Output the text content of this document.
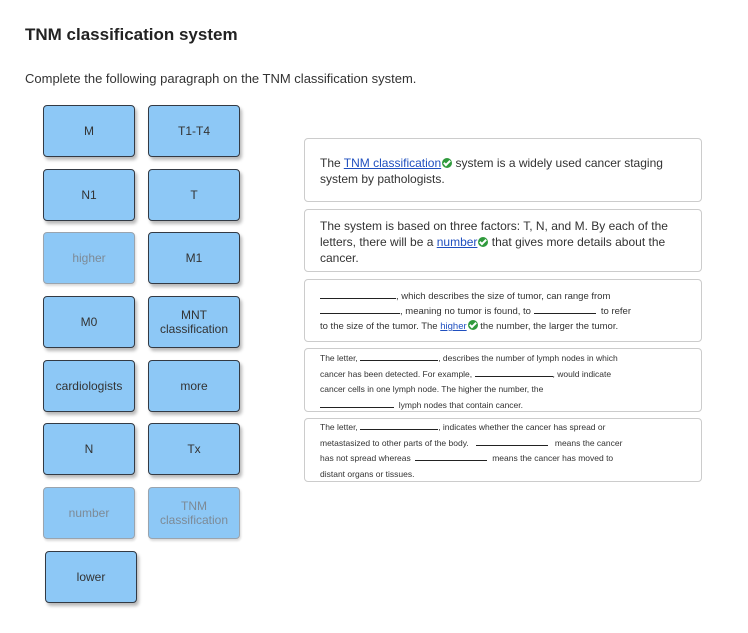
TNM classification system
Complete the following paragraph on the TNM classification system.
M	T1-T4
N1	T
higher	M1
M0	MNT classification
cardiologists	more
N	Tx
number	TNM classification
lower
The TNM classification system is a widely used cancer staging system by pathologists.
The system is based on three factors: T, N, and M. By each of the letters, there will be a number that gives more details about the cancer.
, which describes the size of tumor, can range from
, meaning no tumor is found, to	to refer
to the size of the tumor. The higher the number, the larger the tumor.
The letter,	, describes the number of lymph nodes in which
cancer has been detected. For example,	, would indicate
cancer cells in one lymph node. The higher the number, the
lymph nodes that contain cancer.
The letter,	, indicates whether the cancer has spread or
metastasized to other parts of the body.	means the cancer
has not spread whereas	means the cancer has moved to
distant organs or tissues.
